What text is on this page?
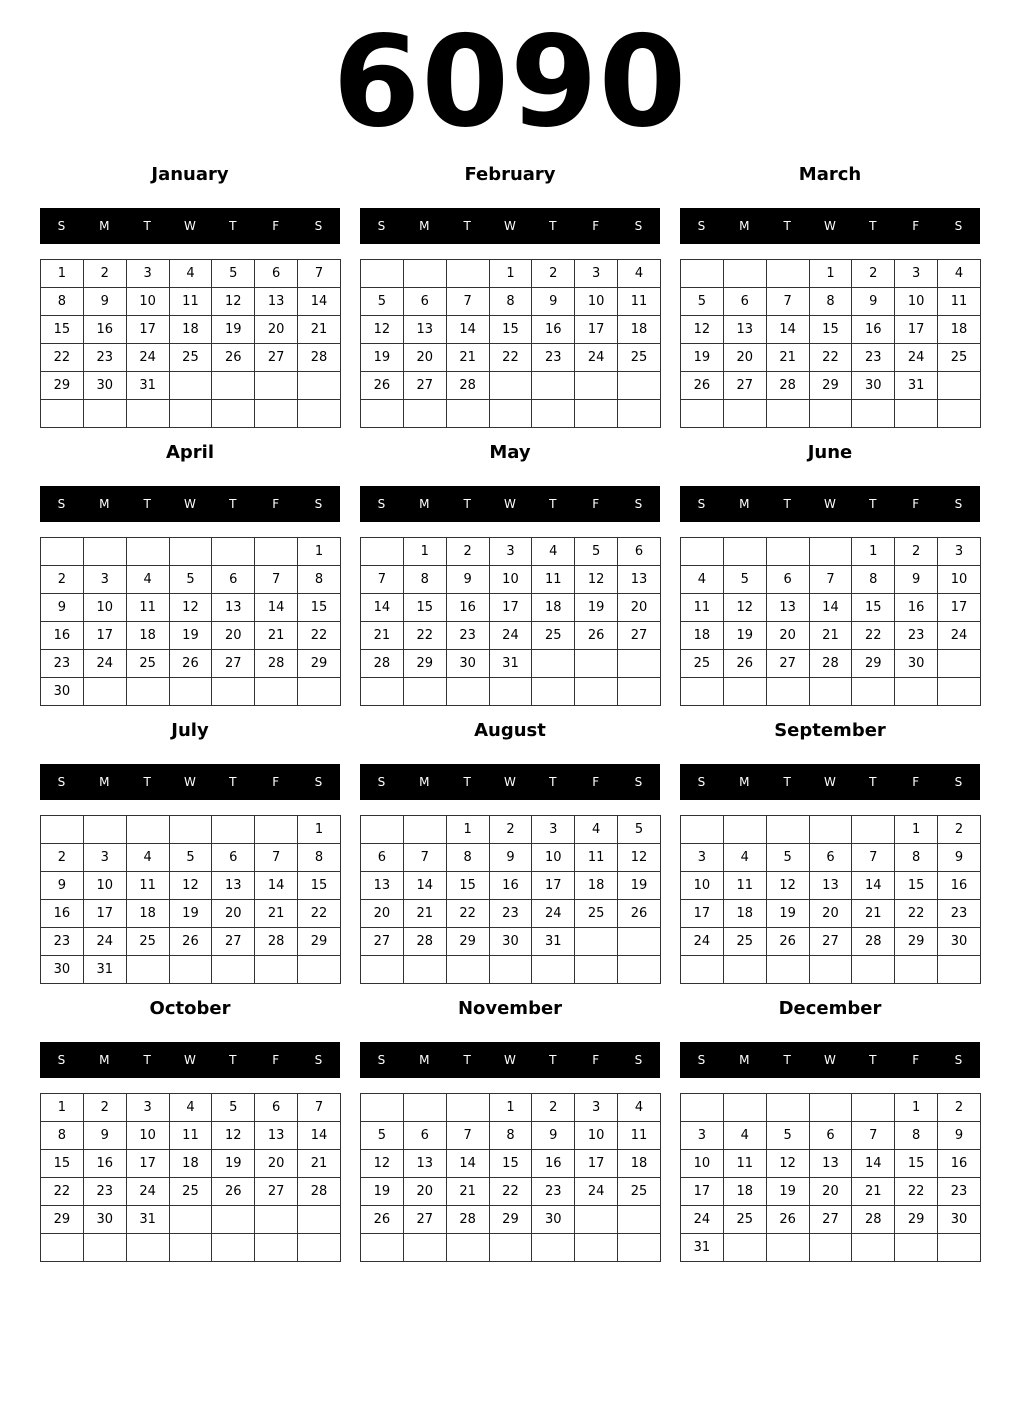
6090
January
S	M	T	W	T	F	S
1	2	3	4	5	6	7
8	9	10	11	12	13	14
15	16	17	18	19	20	21
22	23	24	25	26	27	28
29	30	31				

February
S	M	T	W	T	F	S
			1	2	3	4
5	6	7	8	9	10	11
12	13	14	15	16	17	18
19	20	21	22	23	24	25
26	27	28				

March
S	M	T	W	T	F	S
			1	2	3	4
5	6	7	8	9	10	11
12	13	14	15	16	17	18
19	20	21	22	23	24	25
26	27	28	29	30	31	

April
S	M	T	W	T	F	S
						1
2	3	4	5	6	7	8
9	10	11	12	13	14	15
16	17	18	19	20	21	22
23	24	25	26	27	28	29
30						
May
S	M	T	W	T	F	S
	1	2	3	4	5	6
7	8	9	10	11	12	13
14	15	16	17	18	19	20
21	22	23	24	25	26	27
28	29	30	31			

June
S	M	T	W	T	F	S
				1	2	3
4	5	6	7	8	9	10
11	12	13	14	15	16	17
18	19	20	21	22	23	24
25	26	27	28	29	30	

July
S	M	T	W	T	F	S
						1
2	3	4	5	6	7	8
9	10	11	12	13	14	15
16	17	18	19	20	21	22
23	24	25	26	27	28	29
30	31					
August
S	M	T	W	T	F	S
		1	2	3	4	5
6	7	8	9	10	11	12
13	14	15	16	17	18	19
20	21	22	23	24	25	26
27	28	29	30	31		

September
S	M	T	W	T	F	S
					1	2
3	4	5	6	7	8	9
10	11	12	13	14	15	16
17	18	19	20	21	22	23
24	25	26	27	28	29	30

October
S	M	T	W	T	F	S
1	2	3	4	5	6	7
8	9	10	11	12	13	14
15	16	17	18	19	20	21
22	23	24	25	26	27	28
29	30	31				

November
S	M	T	W	T	F	S
			1	2	3	4
5	6	7	8	9	10	11
12	13	14	15	16	17	18
19	20	21	22	23	24	25
26	27	28	29	30		

December
S	M	T	W	T	F	S
					1	2
3	4	5	6	7	8	9
10	11	12	13	14	15	16
17	18	19	20	21	22	23
24	25	26	27	28	29	30
31						
